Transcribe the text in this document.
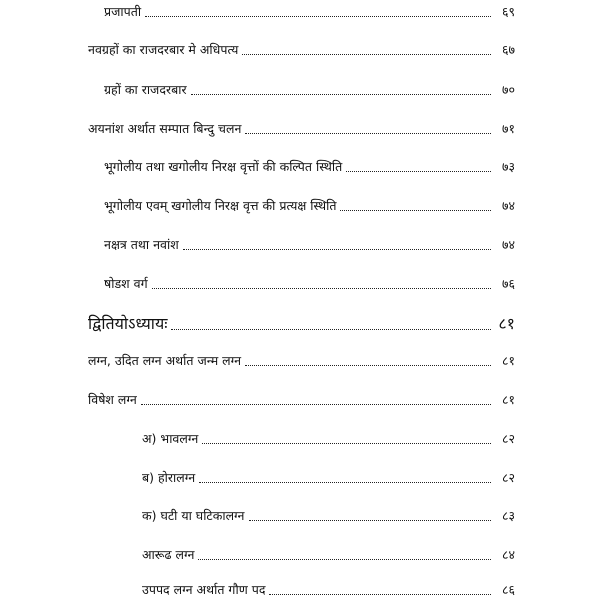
प्रजापती	६९
नवग्रहों का राजदरबार मे अधिपत्य	६७
ग्रहों का राजदरबार	७०
अयनांश अर्थात सम्पात बिन्दु चलन	७१
भूगोलीय तथा खगोलीय निरक्ष वृत्तों की कल्पित स्थिति	७३
भूगोलीय एवम् खगोलीय निरक्ष वृत्त की प्रत्यक्ष स्थिति	७४
नक्षत्र तथा नवांश	७४
षोडश वर्ग	७६
द्वितियोऽध्यायः	८१
लग्न, उदित लग्न अर्थात जन्म लग्न	८१
विषेश लग्न	८१
अ) भावलग्न	८२
ब) होरालग्न	८२
क) घटी या घटिकालग्न	८३
आरूढ लग्न	८४
उपपद लग्न अर्थात गौण पद	८६
